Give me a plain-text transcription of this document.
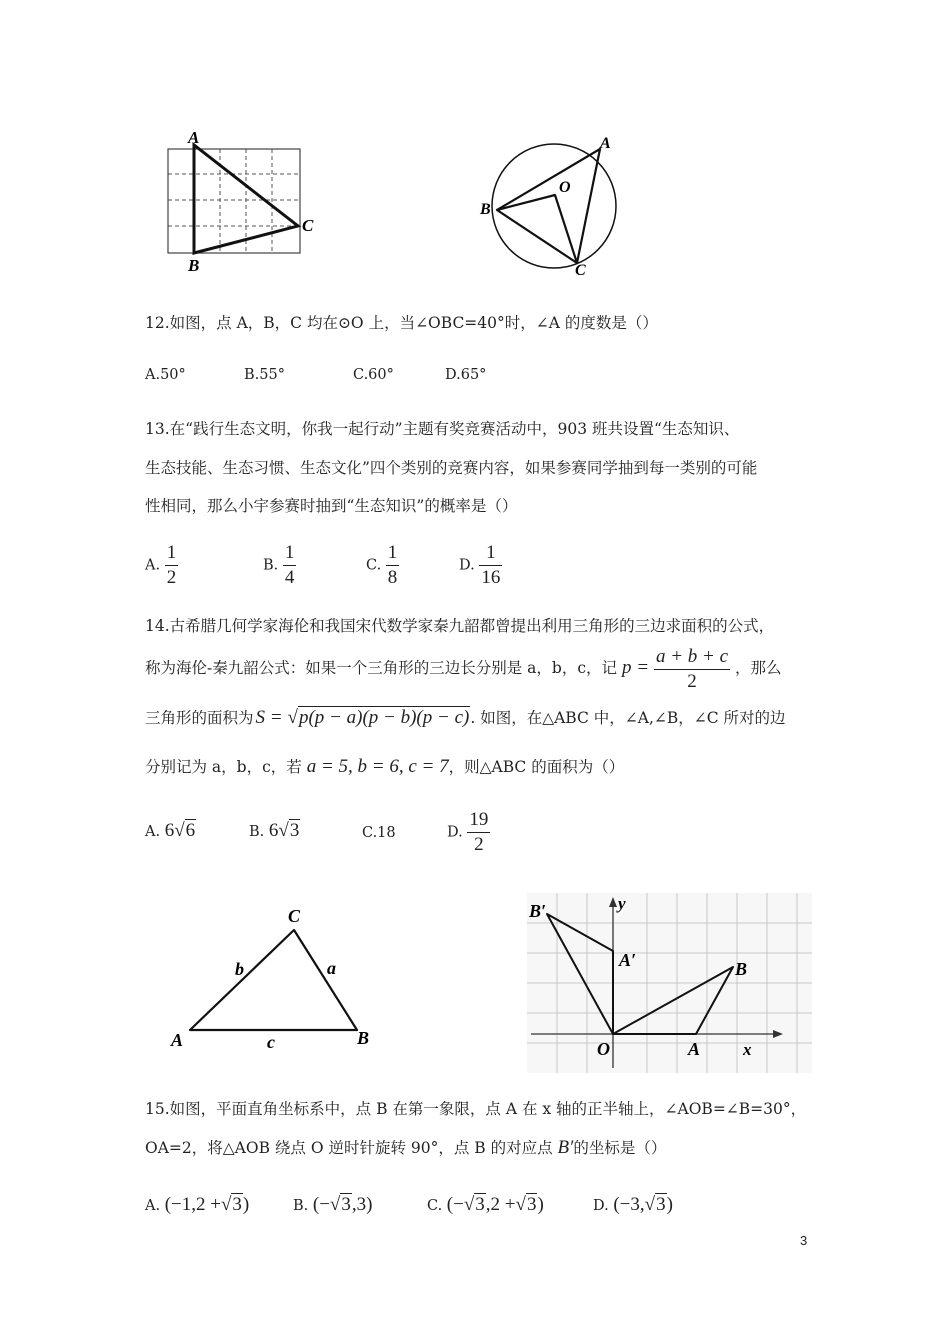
A
B
C
A
B
C
O
12.如图，点 A，B，C 均在⊙O 上，当∠OBC=40°时，∠A 的度数是（）
A.50°	B.55°	C.60°	D.65°
13.在“践行生态文明，你我一起行动”主题有奖竞赛活动中，903 班共设置“生态知识、
生态技能、生态习惯、生态文化”四个类别的竞赛内容，如果参赛同学抽到每一类别的可能
性相同，那么小宇参赛时抽到“生态知识”的概率是（）
A. $\frac{1}{2}$	B. $\frac{1}{4}$	C. $\frac{1}{8}$	D. $\frac{1}{16}$
14.古希腊几何学家海伦和我国宋代数学家秦九韶都曾提出利用三角形的三边求面积的公式，
称为海伦-秦九韶公式：如果一个三角形的三边长分别是 a，b，c，记 $p = \frac{a + b + c}{2}$ ，那么
三角形的面积为 S = √p(p − a)(p − b)(p − c). 如图，在△ABC 中，∠A,∠B，∠C 所对的边
分别记为 a，b，c，若 a = 5, b = 6, c = 7，则△ABC 的面积为（）
A. 6√6	B. 6√3	C.18	D. $\frac{19}{2}$
C
A	B
a
b
c
B′	y
A′	B
O	A	x
15.如图，平面直角坐标系中，点 B 在第一象限，点 A 在 x 轴的正半轴上，∠AOB=∠B=30°，
OA=2，将△AOB 绕点 O 逆时针旋转 90°，点 B 的对应点 B′的坐标是（）
A. (−1,2 +√3)	B. (−√3,3)	C. (−√3,2 +√3)	D. (−3,√3)
3
